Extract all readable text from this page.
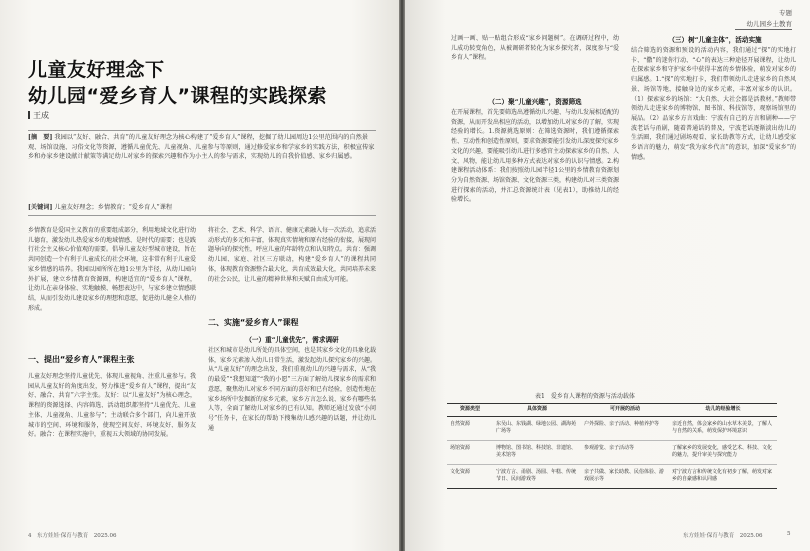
儿童友好理念下
幼儿园“爱乡育人”课程的实践探索
王成
[摘　要] 我园以“友好、融合、共育”的儿童友好理念为核心构建了“爱乡育人”课程，挖掘了幼儿园周边1公里范围内的自然景观、场馆设施、习俗文化等资源，遵循儿童优先、儿童视角、儿童参与等原则，通过修爱家乡和学家乡的实践方法，积极宣传家乡和办家乡建设献计献策等满足幼儿对家乡的探索兴趣和作为小主人的参与需求，实现幼儿的自我价值感、家乡归属感。
[关键词] 儿童友好理念；乡情教育；“爱乡育人”课程
乡情教育是爱国主义教育的重要组成部分，利用地域文化进行幼儿德育，激发幼儿热爱家乡的地域情感、是时代的需要；也是践行社会主义核心价值观的需要。倡导儿童友好型城市建设，旨在共同创造一个有利于儿童成长的社会环境，这非常有利于儿童爱家乡情感的培养。我园以园所所在地1公里为半径，从幼儿园向外扩展，建立乡情教育资源圈，构建适宜的“爱乡育人”课程，让幼儿在亲身体验、实地触摸、畅想表达中，与家乡建立情感联结，从而引发幼儿建设家乡的理想和意愿，促进幼儿健全人格的形成。
一、提出“爱乡育人”课程主张
儿童友好理念坚持儿童优先、体现儿童视角、注重儿童参与。我园从儿童友好的角度出发，努力推进“爱乡育人”课程，提出“友好、融合、共育”六字主张。友好：以“儿童友好”为核心理念，课程的资源选择、内容筛选、活动组织都坚持“儿童优先、儿童主体、儿童视角、儿童参与”；主动联合多个部门，向儿童开放城市的空间、环境和服务，使现空间友好、环境友好、服务友好。融合：在课程实施中，重视五大领域的协同发展。
将社会、艺术、科学、语言、健康元素融入每一次活动，追求活动形式的多元和丰富，体现真实情境和原有经验的衔接，展现问题导向的探究性，呼应儿童的年龄特点和认知特点。共育：强调幼儿园、家庭、社区三方联动，构建“爱乡育人”的课程共同体，体现教育资源整合最大化，共育成效最大化，共同培养未来的社会公民，让儿童的精神世界和天赋自由成为可能。
二、实施“爱乡育人”课程
（一）重“儿童优先”，需求调研
社区和城市是幼儿所处的具体空间，也是其家乡文化的具象化载体，家乡元素渗入幼儿日常生活，激发起幼儿探究家乡的兴趣。从“儿童友好”的理念出发，我们重视幼儿的兴趣与需求，从“我的最爱”“我想知道”“我的小愿”三方面了解幼儿探家乡的需求和意愿，聚焦幼儿对家乡不同方面的喜好和已有经验，创造性地在家乡场所中发掘新的家乡元素，家乡方言怎么说、家乡有哪些名人等，全面了解幼儿对家乡的已有认知。教师还通过发放“小问号”任务卡，在家长的帮助下搜集幼儿感兴趣的话题，并让幼儿通
4　东方娃娃·保育与教育　2025.06
专题
幼儿园乡土教育
过画一画、贴一贴组合形成“家乡问题树”。在调研过程中，幼儿成功转变角色，从被调研者转化为家乡探究者，深度参与“爱乡育人”课程。
（二）聚“儿童兴趣”，资源筛选
在开展课程，首先要筛选出遵循幼儿兴趣、与幼儿发展相适配的资源，从而开发出相应的活动，以增加幼儿对家乡的了解，实现经验的增长。1.资源挑选原则：在筛选资源时，我们遵循探索性、互动性和创造性原则，要求资源要能引发幼儿深度探究家乡文化的兴趣，要能吸引幼儿进行多感官主动探索家乡的自然、人文、风物，能让幼儿用多种方式表达对家乡的认识与情感。2.构建课程活动体系：我们按照幼儿园半径1公里的乡情教育资源划分为自然资源、场馆资源、文化资源三类，构建幼儿对三类资源进行探索的活动，并汇总资源统计表（见表1），助推幼儿的经验增长。
（三）树“儿童主体”，活动实施
结合筛选的资源和预设的活动内容，我们通过“探”的实地打卡、“撒”的迷你行动、“心”的表达三种途径开展课程，让幼儿在探索家乡和守护家乡中获得丰富的乡情体验，萌发对家乡的归属感。1.“探”的实地打卡，我们带领幼儿走进家乡的自然风景、场馆等地，接触身边的家乡元素，丰富对家乡的认识。（1）探索家乡的场馆：“大自然、大社会都是活教材。”教师带领幼儿走进家乡的博物馆、图书馆、科技馆等，观察场馆里的展品。（2）品家乡方言戏曲：宁波有自己的方言和剧种——宁波老话与甬剧，随着普通话的普及，宁波老话逐渐淡出幼儿的生活圈，我们通过剧场观看、家长助教等方式，让幼儿感受家乡语言的魅力，萌发“我为家乡代言”的意识，加深“爱家乡”的情感。
表1　爱乡育人课程的资源与活动载体
资源类型	具体资源	可开展的活动	幼儿的经验增长
自然资源	东吴山、东钱湖、绿地公园、湖海苑广场等	户外探险、亲子活动、种植养护等	亲近自然，体会家乡的山水草木美景，了解人与自然的关系，萌发保护环境意识
场馆资源	博物馆、图书馆、科技馆、非遗馆、美术馆等	参观游览、亲子活动等	了解家乡的发展变化，感受艺术、科技、文化的魅力，提升审美与探究能力
文化资源	宁波方言、甬剧、汤圆、年糕、传统节日、民间游戏等	亲子共做、家长助教、民俗体验、游戏展示等	对宁波方言和传统文化有初步了解，萌发对家乡的自豪感和认同感
东方娃娃·保育与教育　2025.06	5
